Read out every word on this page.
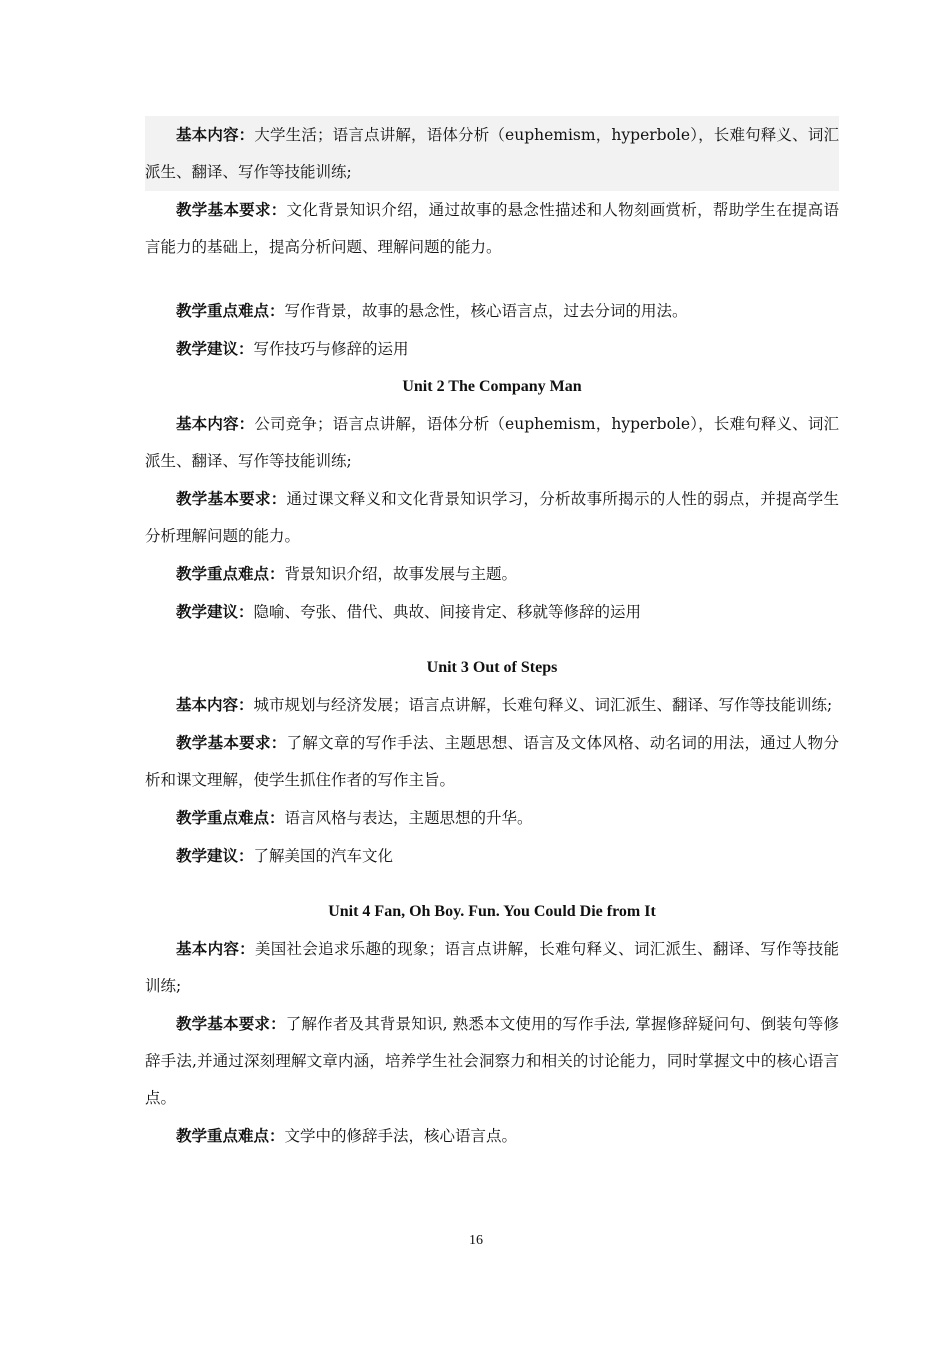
基本内容：大学生活；语言点讲解，语体分析（euphemism，hyperbole），长难句释义、词汇派生、翻译、写作等技能训练;

教学基本要求：文化背景知识介绍，通过故事的悬念性描述和人物刻画赏析，帮助学生在提高语言能力的基础上，提高分析问题、理解问题的能力。

教学重点难点：写作背景，故事的悬念性，核心语言点，过去分词的用法。

教学建议：写作技巧与修辞的运用

Unit 2 The Company Man

基本内容：公司竞争；语言点讲解，语体分析（euphemism，hyperbole），长难句释义、词汇派生、翻译、写作等技能训练;

教学基本要求：通过课文释义和文化背景知识学习，分析故事所揭示的人性的弱点，并提高学生分析理解问题的能力。

教学重点难点：背景知识介绍，故事发展与主题。

教学建议：隐喻、夸张、借代、典故、间接肯定、移就等修辞的运用

Unit 3 Out of Steps

基本内容：城市规划与经济发展；语言点讲解，长难句释义、词汇派生、翻译、写作等技能训练;

教学基本要求：了解文章的写作手法、主题思想、语言及文体风格、动名词的用法，通过人物分析和课文理解，使学生抓住作者的写作主旨。

教学重点难点：语言风格与表达，主题思想的升华。

教学建议：了解美国的汽车文化

Unit 4 Fan, Oh Boy. Fun. You Could Die from It

基本内容：美国社会追求乐趣的现象；语言点讲解，长难句释义、词汇派生、翻译、写作等技能训练;

教学基本要求：了解作者及其背景知识, 熟悉本文使用的写作手法, 掌握修辞疑问句、倒装句等修辞手法,并通过深刻理解文章内涵，培养学生社会洞察力和相关的讨论能力，同时掌握文中的核心语言点。

教学重点难点：文学中的修辞手法，核心语言点。

16
